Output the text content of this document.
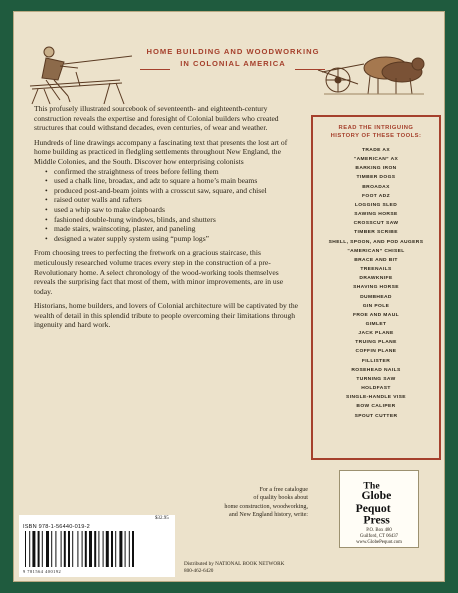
HOME BUILDING AND WOODWORKING
IN COLONIAL AMERICA

This profusely illustrated sourcebook of seventeenth- and eighteenth-century construction reveals the expertise and foresight of Colonial builders who created structures that could withstand decades, even centuries, of wear and weather.

Hundreds of line drawings accompany a fascinating text that presents the lost art of home building as practiced in fledgling settlements throughout New England, the Middle Colonies, and the South. Discover how enterprising colonists

• confirmed the straightness of trees before felling them
• used a chalk line, broadax, and adz to square a home’s main beams
• produced post-and-beam joints with a crosscut saw, square, and chisel
• raised outer walls and rafters
• used a whip saw to make clapboards
• fashioned double-hung windows, blinds, and shutters
• made stairs, wainscoting, plaster, and paneling
• designed a water supply system using “pump logs”

From choosing trees to perfecting the fretwork on a gracious staircase, this meticulously researched volume traces every step in the construction of a pre-Revolutionary home. A select chronology of the wood-working tools themselves reveals the surprising fact that most of them, with minor improvements, are in use today.

Historians, home builders, and lovers of Colonial architecture will be captivated by the wealth of detail in this splendid tribute to people overcoming their limitations through ingenuity and hard work.

READ THE INTRIGUING
HISTORY OF THESE TOOLS:
TRADE AX
“AMERICAN” AX
BARKING IRON
TIMBER DOGS
BROADAX
FOOT ADZ
LOGGING SLED
SAWING HORSE
CROSSCUT SAW
TIMBER SCRIBE
SHELL, SPOON, AND POD AUGERS
“AMERICAN” CHISEL
BRACE AND BIT
TREENAILS
DRAWKNIFE
SHAVING HORSE
DUMBHEAD
GIN POLE
FROE AND MAUL
GIMLET
JACK PLANE
TRUING PLANE
COFFIN PLANE
FILLISTER
ROSEHEAD NAILS
TURNING SAW
HOLDFAST
SINGLE-HANDLE VISE
BOW CALIPER
SPOUT CUTTER
For a free catalogue
of quality books about
home construction, woodworking,
and New England history, write:
The
Globe
Pequot
Press
P.O. Box 480
Guilford, CT 06437
www.GlobePequot.com
$32.95
ISBN 978-1-56440-019-2
9 781564 400192
Distributed by NATIONAL BOOK NETWORK
800-462-6420
